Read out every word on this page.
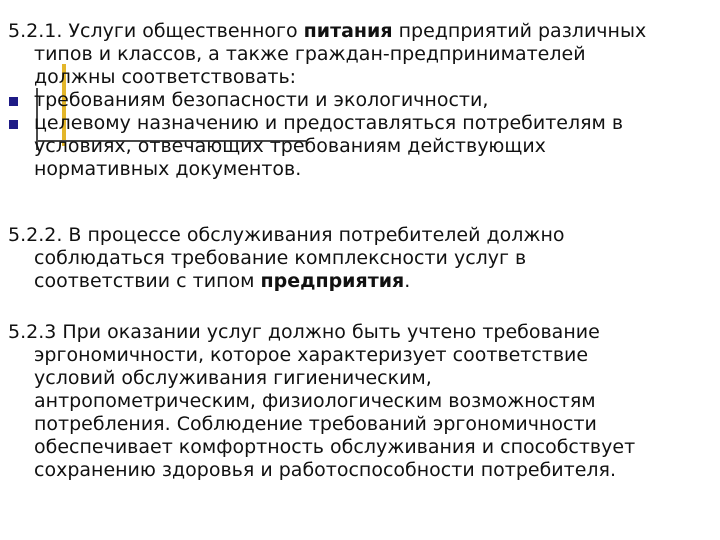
5.2.1. Услуги общественного питания предприятий различных

типов и классов, а также граждан-предпринимателей

должны соответствовать:

требованиям безопасности и экологичности,
целевому назначению и предоставляться потребителям в
условиях, отвечающих требованиям действующих
нормативных документов.

5.2.2. В процессе обслуживания потребителей должно

соблюдаться требование комплексности услуг в

соответствии с типом предприятия.

5.2.3 При оказании услуг должно быть учтено требование

эргономичности, которое характеризует соответствие

условий обслуживания гигиеническим,

антропометрическим, физиологическим возможностям

потребления. Соблюдение требований эргономичности

обеспечивает комфортность обслуживания и способствует

сохранению здоровья и работоспособности потребителя.
